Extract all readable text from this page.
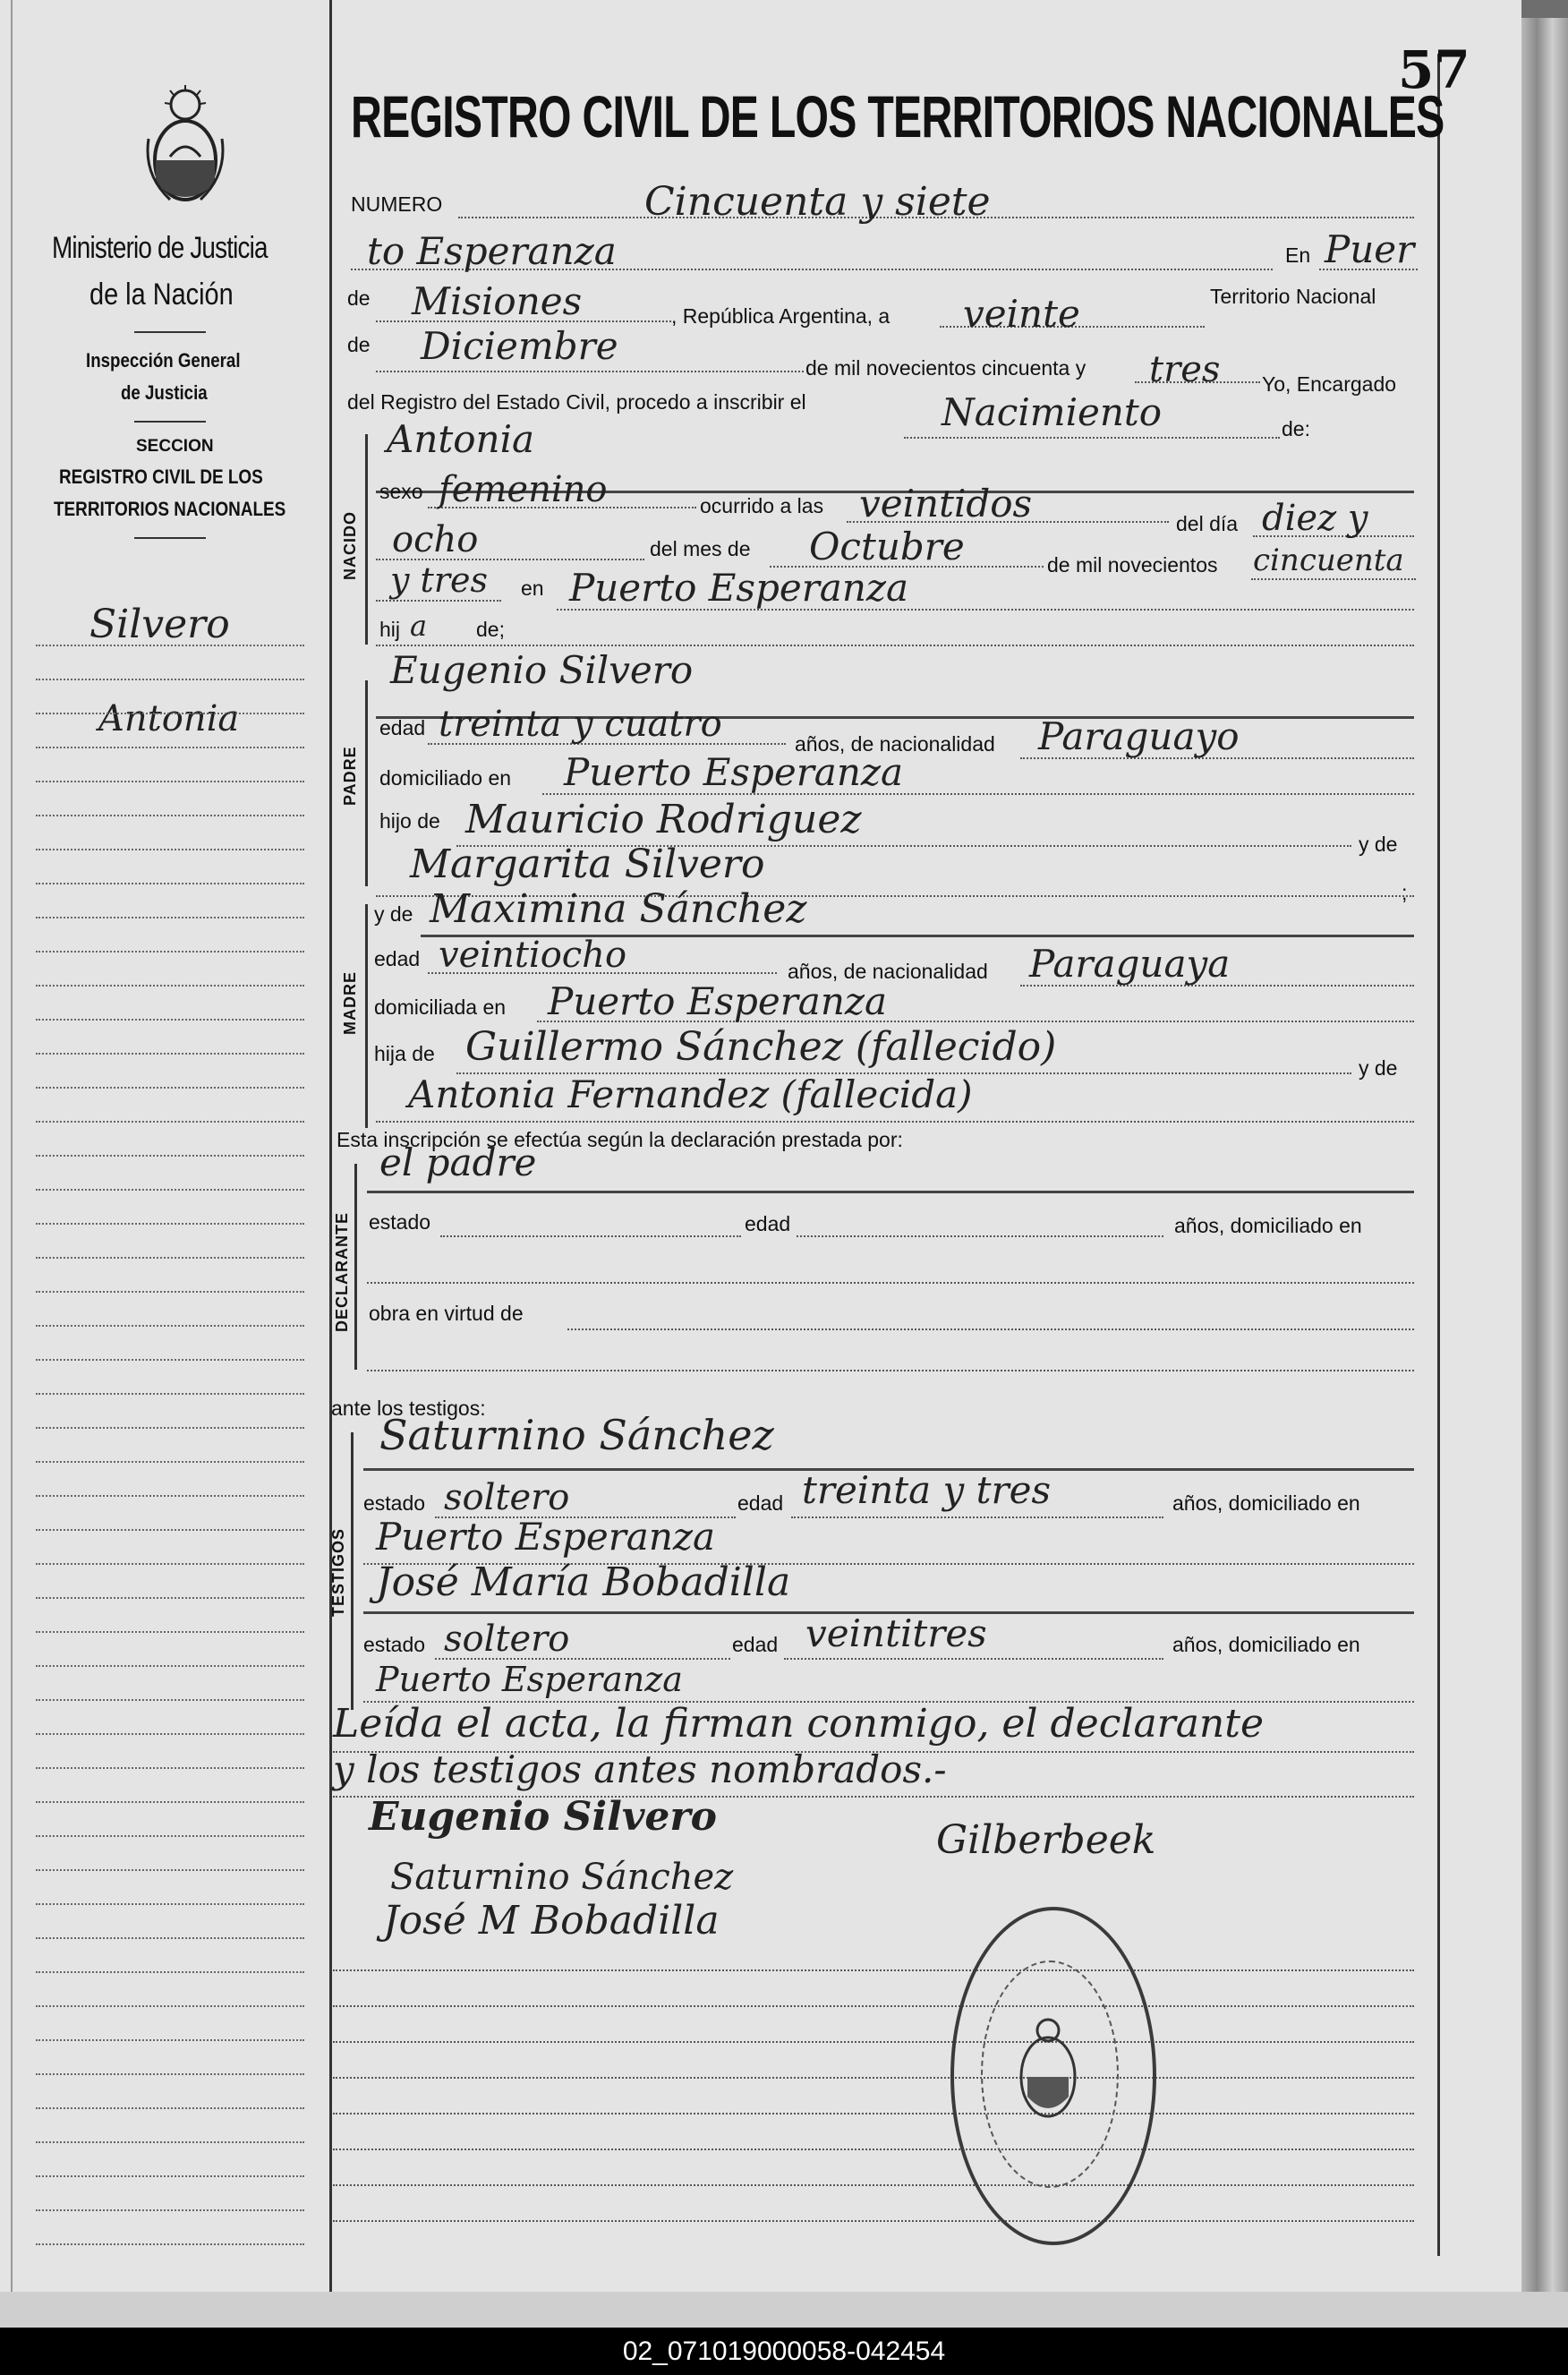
Ministerio de Justicia
de la Nación
Inspección General
de Justicia
SECCION
REGISTRO CIVIL DE LOS
TERRITORIOS NACIONALES
Silvero
Antonia
57
REGISTRO CIVIL DE LOS TERRITORIOS NACIONALES
NUMERO	Cincuenta y siete
to Esperanza	En Puer
de Misiones	, República Argentina, a veinte	Territorio Nacional
de Diciembre	de mil novecientos cincuenta y tres Yo, Encargado
del Registro del Estado Civil, procedo a inscribir el	Nacimiento	de:
NACIDO
Antonia
sexo femenino	ocurrido a las veintidos	del día diez y
ocho	del mes de Octubre	de mil novecientos cincuenta
y tres en Puerto Esperanza
hij a de;
PADRE
Eugenio Silvero
edad treinta y cuatro	años, de nacionalidad Paraguayo
domiciliado en Puerto Esperanza
hijo de Mauricio Rodriguez
y de
Margarita Silvero
;
MADRE
y de Maximina Sánchez
edad veintiocho	años, de nacionalidad Paraguaya
domiciliada en Puerto Esperanza
hija de Guillermo Sánchez (fallecido)	y de
Antonia Fernandez (fallecida)
Esta inscripción se efectúa según la declaración prestada por:
DECLARANTE
el padre
estado	edad	años, domiciliado en
obra en virtud de
ante los testigos:
TESTIGOS
Saturnino Sánchez
estado soltero	edad treinta y tres	años, domiciliado en
Puerto Esperanza
José María Bobadilla
estado soltero	edad veintitres	años, domiciliado en
Puerto Esperanza
Leída el acta, la firman conmigo, el declarante
y los testigos antes nombrados.-
Eugenio Silvero
Saturnino Sánchez
José M Bobadilla
Gilberbeek
02_071019000058-042454
